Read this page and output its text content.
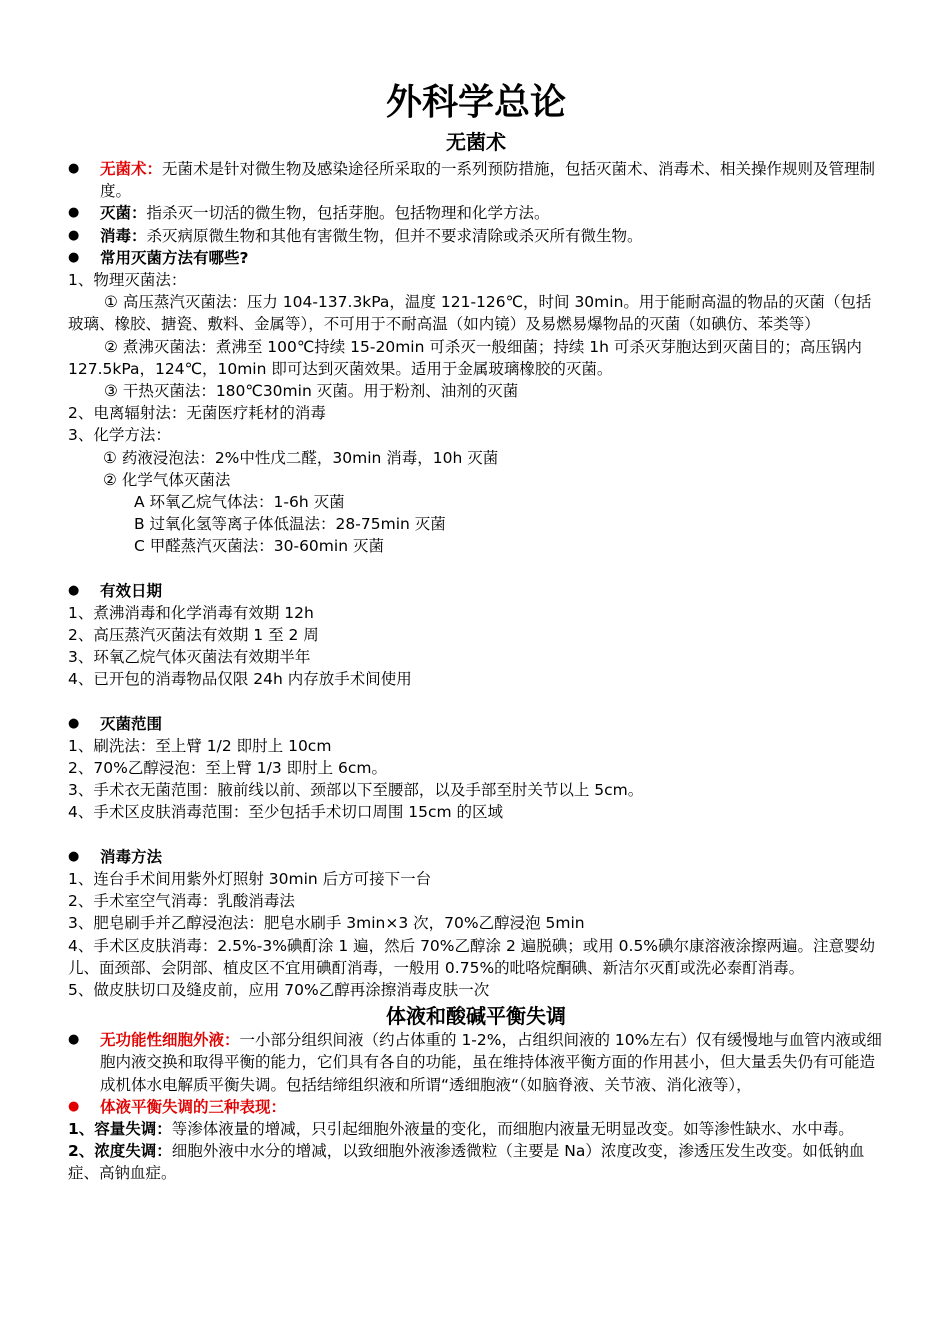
外科学总论
无菌术

● 无菌术：无菌术是针对微生物及感染途径所采取的一系列预防措施，包括灭菌术、消毒术、相关操作规则及管理制度。

● 灭菌：指杀灭一切活的微生物，包括芽胞。包括物理和化学方法。

● 消毒：杀灭病原微生物和其他有害微生物，但并不要求清除或杀灭所有微生物。

● 常用灭菌方法有哪些?

1、物理灭菌法：

① 高压蒸汽灭菌法：压力 104-137.3kPa，温度 121-126℃，时间 30min。用于能耐高温的物品的灭菌（包括玻璃、橡胶、搪瓷、敷料、金属等），不可用于不耐高温（如内镜）及易燃易爆物品的灭菌（如碘仿、苯类等）

② 煮沸灭菌法：煮沸至 100℃持续 15-20min 可杀灭一般细菌；持续 1h 可杀灭芽胞达到灭菌目的；高压锅内 127.5kPa，124℃，10min 即可达到灭菌效果。适用于金属玻璃橡胶的灭菌。

③ 干热灭菌法：180℃30min 灭菌。用于粉剂、油剂的灭菌

2、电离辐射法：无菌医疗耗材的消毒

3、化学方法：

① 药液浸泡法：2%中性戊二醛，30min 消毒，10h 灭菌

② 化学气体灭菌法

A 环氧乙烷气体法：1-6h 灭菌

B 过氧化氢等离子体低温法：28-75min 灭菌

C 甲醛蒸汽灭菌法：30-60min 灭菌

● 有效日期

1、煮沸消毒和化学消毒有效期 12h

2、高压蒸汽灭菌法有效期 1 至 2 周

3、环氧乙烷气体灭菌法有效期半年

4、已开包的消毒物品仅限 24h 内存放手术间使用

● 灭菌范围

1、刷洗法：至上臂 1/2 即肘上 10cm

2、70%乙醇浸泡：至上臂 1/3 即肘上 6cm。

3、手术衣无菌范围：腋前线以前、颈部以下至腰部，以及手部至肘关节以上 5cm。

4、手术区皮肤消毒范围：至少包括手术切口周围 15cm 的区域

● 消毒方法

1、连台手术间用紫外灯照射 30min 后方可接下一台

2、手术室空气消毒：乳酸消毒法

3、肥皂刷手并乙醇浸泡法：肥皂水刷手 3min×3 次，70%乙醇浸泡 5min

4、手术区皮肤消毒：2.5%-3%碘酊涂 1 遍，然后 70%乙醇涂 2 遍脱碘；或用 0.5%碘尔康溶液涂擦两遍。注意婴幼儿、面颈部、会阴部、植皮区不宜用碘酊消毒，一般用 0.75%的吡咯烷酮碘、新洁尔灭酊或洗必泰酊消毒。

5、做皮肤切口及缝皮前，应用 70%乙醇再涂擦消毒皮肤一次

体液和酸碱平衡失调

● 无功能性细胞外液：一小部分组织间液（约占体重的 1-2%，占组织间液的 10%左右）仅有缓慢地与血管内液或细胞内液交换和取得平衡的能力，它们具有各自的功能，虽在维持体液平衡方面的作用甚小，但大量丢失仍有可能造成机体水电解质平衡失调。包括结缔组织液和所谓“透细胞液“（如脑脊液、关节液、消化液等），

● 体液平衡失调的三种表现：

1、容量失调：等渗体液量的增减，只引起细胞外液量的变化，而细胞内液量无明显改变。如等渗性缺水、水中毒。

2、浓度失调：细胞外液中水分的增减，以致细胞外液渗透微粒（主要是 Na）浓度改变，渗透压发生改变。如低钠血症、高钠血症。
